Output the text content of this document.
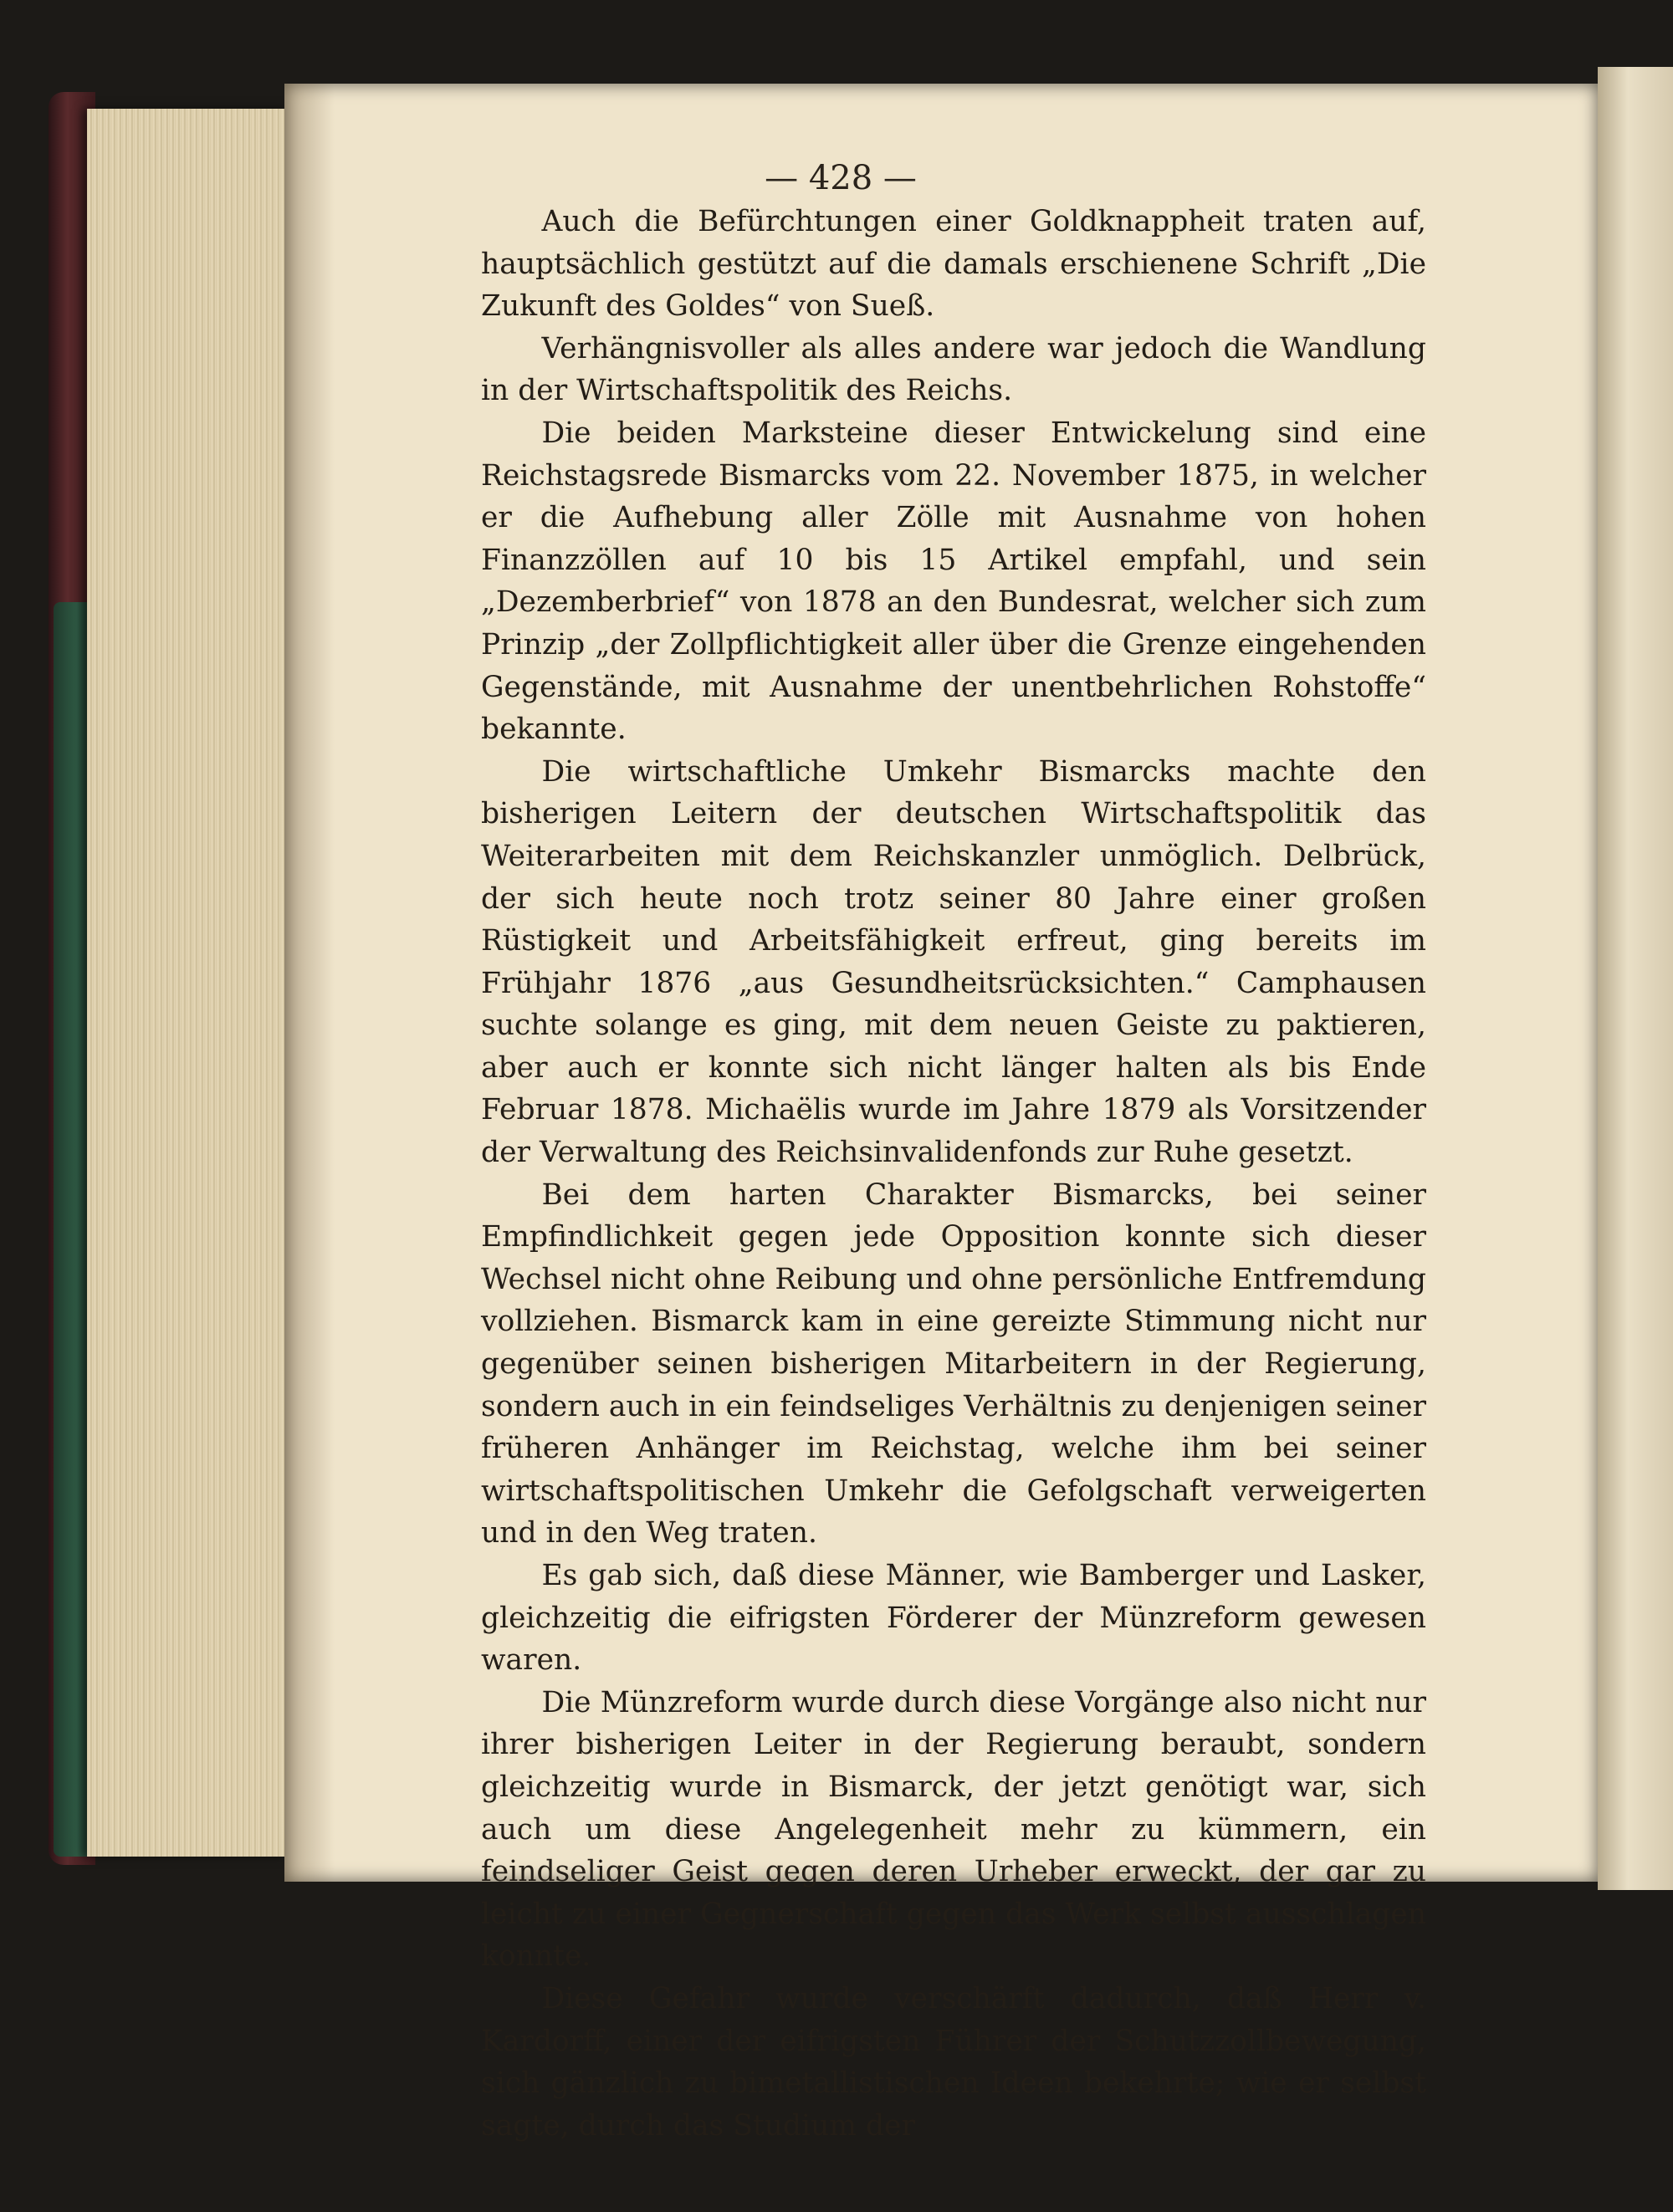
— 428 —

Auch die Befürchtungen einer Goldknappheit traten auf, hauptsächlich gestützt auf die damals erschienene Schrift „Die Zukunft des Goldes“ von Sueß.

Verhängnisvoller als alles andere war jedoch die Wandlung in der Wirtschaftspolitik des Reichs.

Die beiden Marksteine dieser Entwickelung sind eine Reichstagsrede Bismarcks vom 22. November 1875, in welcher er die Aufhebung aller Zölle mit Ausnahme von hohen Finanzzöllen auf 10 bis 15 Artikel empfahl, und sein „Dezemberbrief“ von 1878 an den Bundesrat, welcher sich zum Prinzip „der Zollpflichtigkeit aller über die Grenze eingehenden Gegenstände, mit Ausnahme der unentbehrlichen Rohstoffe“ bekannte.

Die wirtschaftliche Umkehr Bismarcks machte den bisherigen Leitern der deutschen Wirtschaftspolitik das Weiterarbeiten mit dem Reichskanzler unmöglich. Delbrück, der sich heute noch trotz seiner 80 Jahre einer großen Rüstigkeit und Arbeitsfähigkeit erfreut, ging bereits im Frühjahr 1876 „aus Gesundheitsrücksichten.“ Camphausen suchte solange es ging, mit dem neuen Geiste zu paktieren, aber auch er konnte sich nicht länger halten als bis Ende Februar 1878. Michaëlis wurde im Jahre 1879 als Vorsitzender der Verwaltung des Reichsinvalidenfonds zur Ruhe gesetzt.

Bei dem harten Charakter Bismarcks, bei seiner Empfindlichkeit gegen jede Opposition konnte sich dieser Wechsel nicht ohne Reibung und ohne persönliche Entfremdung vollziehen. Bismarck kam in eine gereizte Stimmung nicht nur gegenüber seinen bisherigen Mitarbeitern in der Regierung, sondern auch in ein feindseliges Verhältnis zu denjenigen seiner früheren Anhänger im Reichstag, welche ihm bei seiner wirtschaftspolitischen Umkehr die Gefolgschaft verweigerten und in den Weg traten.

Es gab sich, daß diese Männer, wie Bamberger und Lasker, gleichzeitig die eifrigsten Förderer der Münzreform gewesen waren.

Die Münzreform wurde durch diese Vorgänge also nicht nur ihrer bisherigen Leiter in der Regierung beraubt, sondern gleichzeitig wurde in Bismarck, der jetzt genötigt war, sich auch um diese Angelegenheit mehr zu kümmern, ein feindseliger Geist gegen deren Urheber erweckt, der gar zu leicht zu einer Gegnerschaft gegen das Werk selbst ausschlagen konnte.

Diese Gefahr wurde verschärft dadurch, daß Herr v. Kardorff, einer der eifrigsten Führer der Schutzzollbewegung, sich gänzlich zu bimetallistischen Ideen bekehrte; wie er selbst sagte, durch das Studium der
